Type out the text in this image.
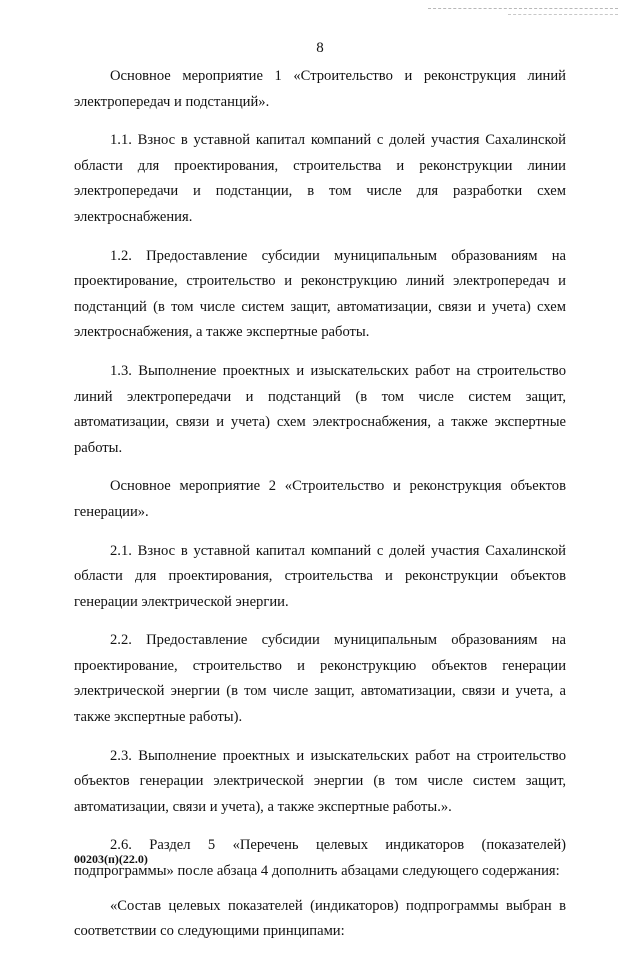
8

Основное мероприятие 1 «Строительство и реконструкция линий электропередач и подстанций».

1.1. Взнос в уставной капитал компаний с долей участия Сахалинской области для проектирования, строительства и реконструкции линии электропередачи и подстанции, в том числе для разработки схем электроснабжения.

1.2. Предоставление субсидии муниципальным образованиям на проектирование, строительство и реконструкцию линий электропередач и подстанций (в том числе систем защит, автоматизации, связи и учета) схем электроснабжения, а также экспертные работы.

1.3. Выполнение проектных и изыскательских работ на строительство линий электропередачи и подстанций (в том числе систем защит, автоматизации, связи и учета) схем электроснабжения, а также экспертные работы.

Основное мероприятие 2 «Строительство и реконструкция объектов генерации».

2.1. Взнос в уставной капитал компаний с долей участия Сахалинской области для проектирования, строительства и реконструкции объектов генерации электрической энергии.

2.2. Предоставление субсидии муниципальным образованиям на проектирование, строительство и реконструкцию объектов генерации электрической энергии (в том числе защит, автоматизации, связи и учета, а также экспертные работы).

2.3. Выполнение проектных и изыскательских работ на строительство объектов генерации электрической энергии (в том числе систем защит, автоматизации, связи и учета), а также экспертные работы.».

2.6. Раздел 5 «Перечень целевых индикаторов (показателей) подпрограммы» после абзаца 4 дополнить абзацами следующего содержания:

«Состав целевых показателей (индикаторов) подпрограммы выбран в соответствии со следующими принципами:

00203(п)(22.0)
